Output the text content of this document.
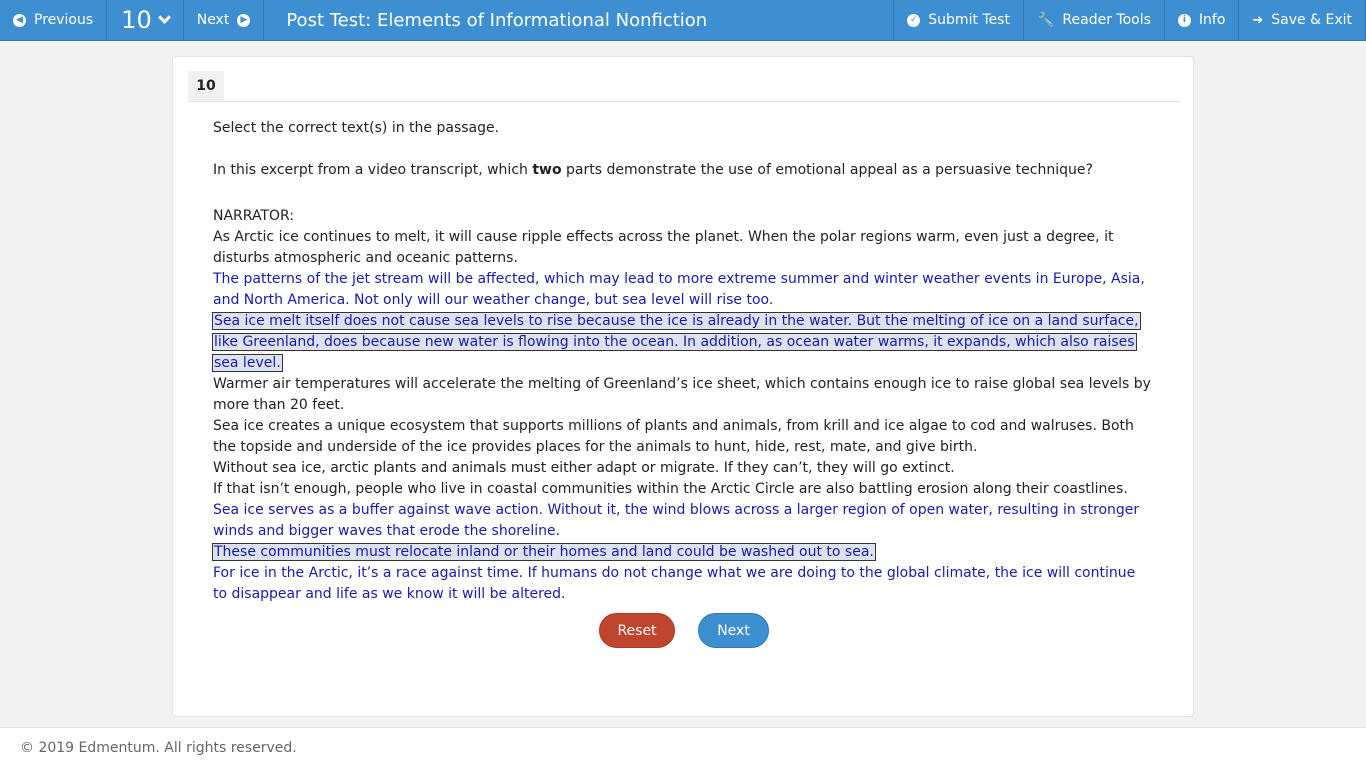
◀ Previous 10	Next	▶	Post Test: Elements of Informational Nonfiction	✓ Submit Test 🔧 Reader Tools	i Info ➜ Save & Exit
10
Select the correct text(s) in the passage.
In this excerpt from a video transcript, which two parts demonstrate the use of emotional appeal as a persuasive technique?
NARRATOR:
As Arctic ice continues to melt, it will cause ripple effects across the planet. When the polar regions warm, even just a degree, it disturbs atmospheric and oceanic patterns.
The patterns of the jet stream will be affected, which may lead to more extreme summer and winter weather events in Europe, Asia, and North America. Not only will our weather change, but sea level will rise too.
Sea ice melt itself does not cause sea levels to rise because the ice is already in the water. But the melting of ice on a land surface, like Greenland, does because new water is flowing into the ocean. In addition, as ocean water warms, it expands, which also raises sea level.
Warmer air temperatures will accelerate the melting of Greenland’s ice sheet, which contains enough ice to raise global sea levels by more than 20 feet.
Sea ice creates a unique ecosystem that supports millions of plants and animals, from krill and ice algae to cod and walruses. Both the topside and underside of the ice provides places for the animals to hunt, hide, rest, mate, and give birth.
Without sea ice, arctic plants and animals must either adapt or migrate. If they can’t, they will go extinct.
If that isn’t enough, people who live in coastal communities within the Arctic Circle are also battling erosion along their coastlines.
Sea ice serves as a buffer against wave action. Without it, the wind blows across a larger region of open water, resulting in stronger winds and bigger waves that erode the shoreline.
These communities must relocate inland or their homes and land could be washed out to sea.
For ice in the Arctic, it’s a race against time. If humans do not change what we are doing to the global climate, the ice will continue to disappear and life as we know it will be altered.
Reset	Next
© 2019 Edmentum. All rights reserved.
